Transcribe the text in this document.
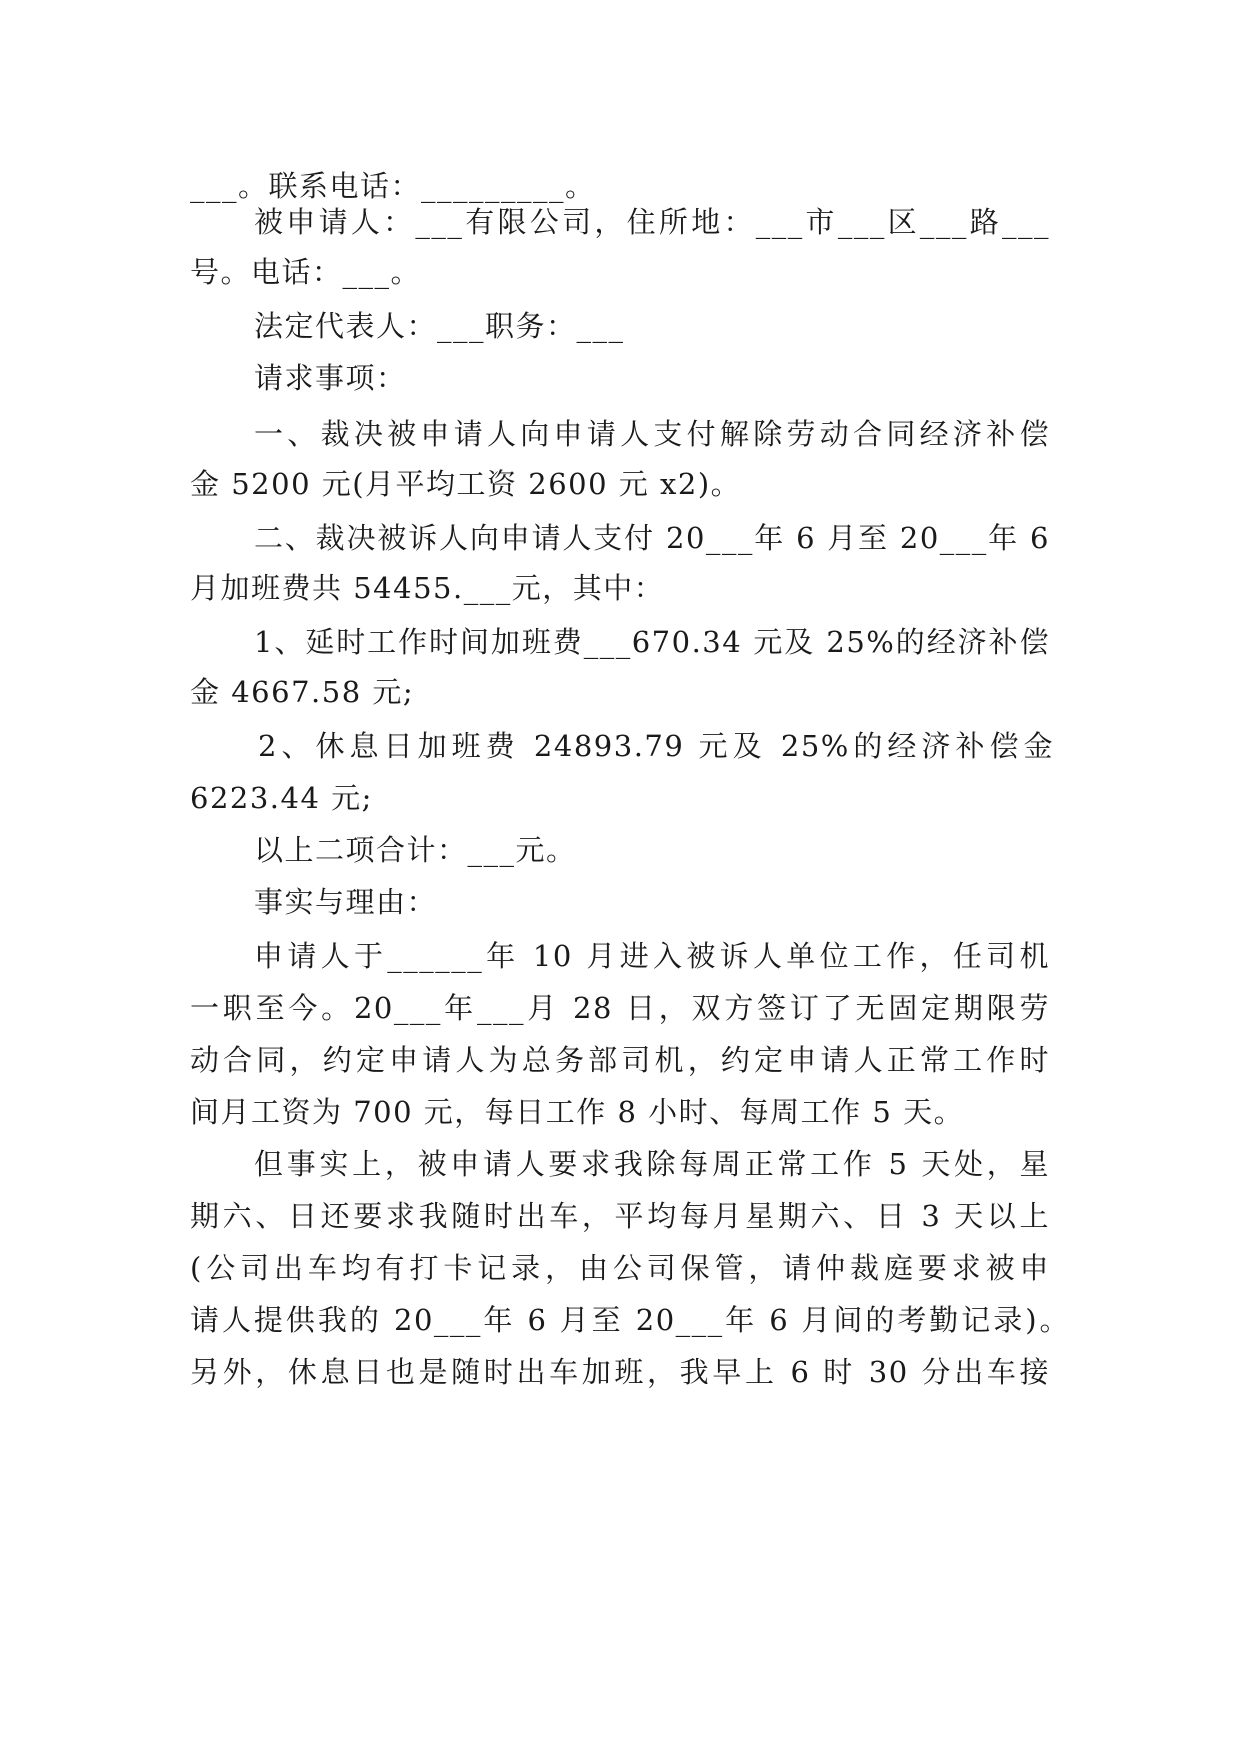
___。联系电话：_________。
被申请人：___有限公司，住所地：___市___区___路___
号。电话：___。
法定代表人：___职务：___
请求事项：
一、裁决被申请人向申请人支付解除劳动合同经济补偿
金 5200 元(月平均工资 2600 元 x2)。
二、裁决被诉人向申请人支付 20___年 6 月至 20___年 6
月加班费共 54455.___元，其中：
1、延时工作时间加班费___670.34 元及 25%的经济补偿
金 4667.58 元;
2、休息日加班费 24893.79 元及 25%的经济补偿金
6223.44 元;
以上二项合计：___元。
事实与理由：
申请人于______年 10 月进入被诉人单位工作，任司机
一职至今。20___年___月 28 日，双方签订了无固定期限劳
动合同，约定申请人为总务部司机，约定申请人正常工作时
间月工资为 700 元，每日工作 8 小时、每周工作 5 天。
但事实上，被申请人要求我除每周正常工作 5 天处，星
期六、日还要求我随时出车，平均每月星期六、日 3 天以上
(公司出车均有打卡记录，由公司保管，请仲裁庭要求被申
请人提供我的 20___年 6 月至 20___年 6 月间的考勤记录)。
另外，休息日也是随时出车加班，我早上 6 时 30 分出车接
